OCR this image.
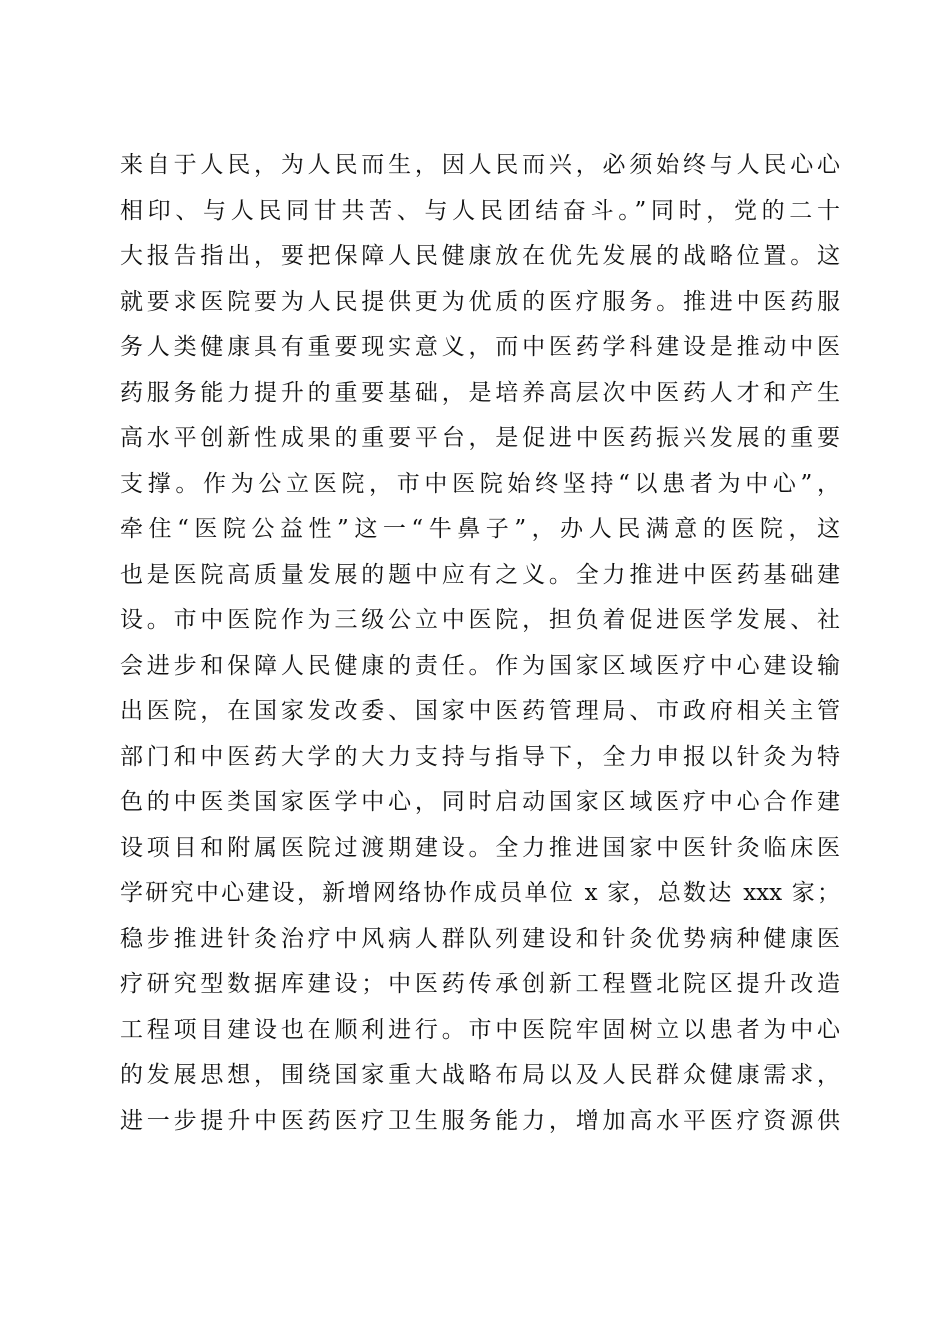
来自于人民，为人民而生，因人民而兴，必须始终与人民心心
相印、与人民同甘共苦、与人民团结奋斗。”同时，党的二十
大报告指出，要把保障人民健康放在优先发展的战略位置。这
就要求医院要为人民提供更为优质的医疗服务。推进中医药服
务人类健康具有重要现实意义，而中医药学科建设是推动中医
药服务能力提升的重要基础，是培养高层次中医药人才和产生
高水平创新性成果的重要平台，是促进中医药振兴发展的重要
支撑。作为公立医院，市中医院始终坚持“以患者为中心”，
牵住“医院公益性”这一“牛鼻子”，办人民满意的医院，这
也是医院高质量发展的题中应有之义。全力推进中医药基础建
设。市中医院作为三级公立中医院，担负着促进医学发展、社
会进步和保障人民健康的责任。作为国家区域医疗中心建设输
出医院，在国家发改委、国家中医药管理局、市政府相关主管
部门和中医药大学的大力支持与指导下，全力申报以针灸为特
色的中医类国家医学中心，同时启动国家区域医疗中心合作建
设项目和附属医院过渡期建设。全力推进国家中医针灸临床医
学研究中心建设，新增网络协作成员单位 x 家，总数达 xxx 家；
稳步推进针灸治疗中风病人群队列建设和针灸优势病种健康医
疗研究型数据库建设；中医药传承创新工程暨北院区提升改造
工程项目建设也在顺利进行。市中医院牢固树立以患者为中心
的发展思想，围绕国家重大战略布局以及人民群众健康需求，
进一步提升中医药医疗卫生服务能力，增加高水平医疗资源供
